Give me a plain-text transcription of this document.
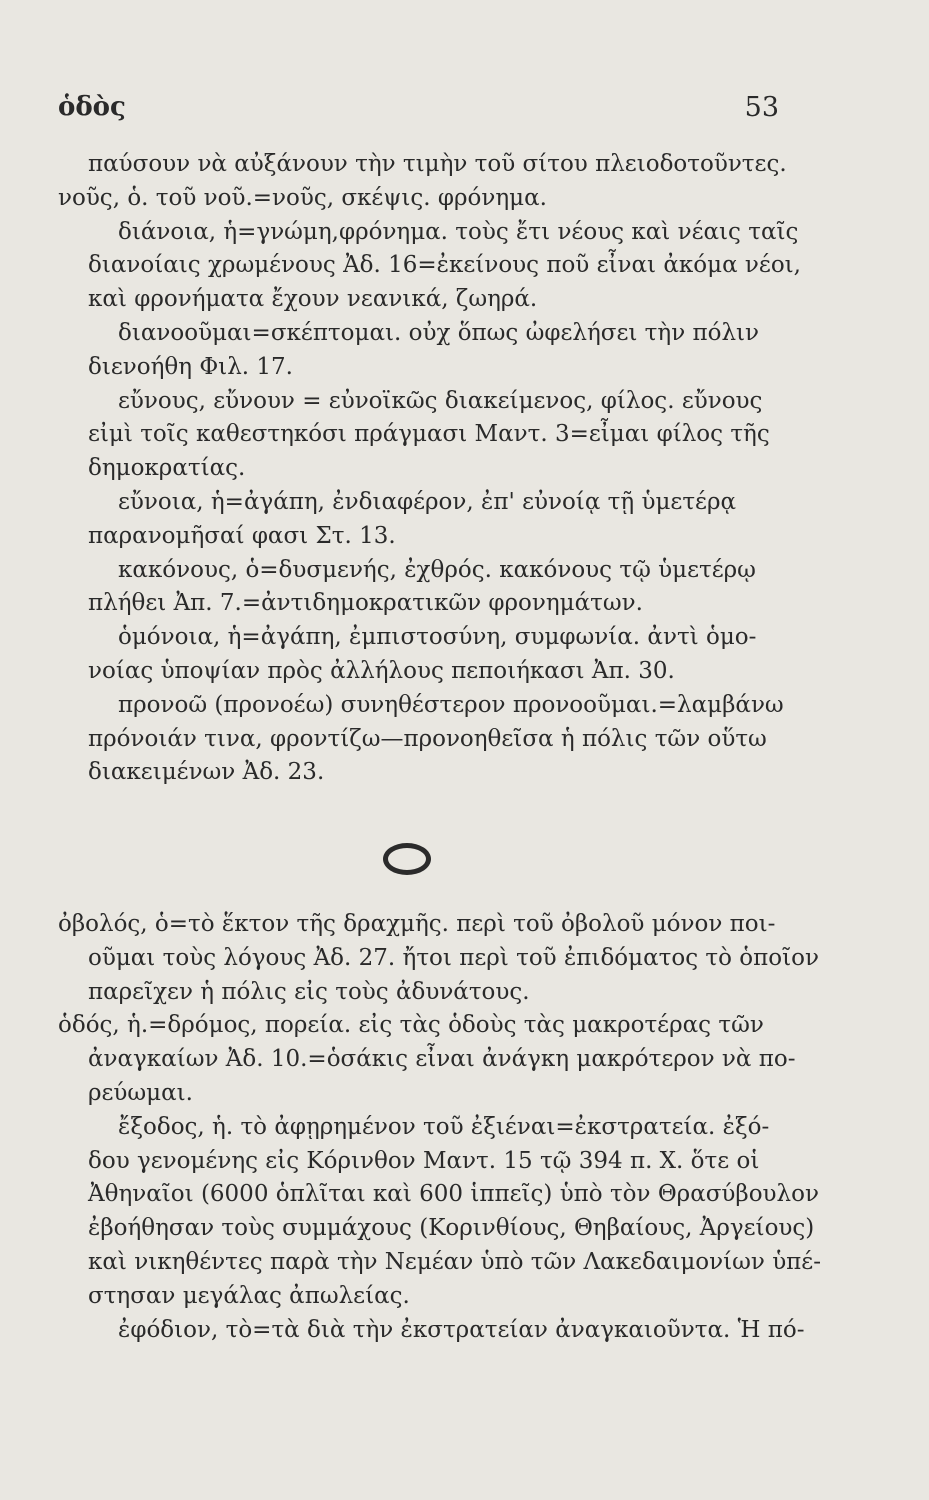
ὁδὸς	53
παύσουν νὰ αὐξάνουν τὴν τιμὴν τοῦ σίτου πλειοδοτοῦντες.
νοῦς, ὁ. τοῦ νοῦ.=νοῦς, σκέψις. φρόνημα.
διάνοια, ἡ=γνώμη,φρόνημα. τοὺς ἔτι νέους καὶ νέαις ταῖς
διανοίαις χρωμένους Ἀδ. 16=ἐκείνους ποῦ εἶναι ἀκόμα νέοι,
καὶ φρονήματα ἔχουν νεανικά, ζωηρά.
διανοοῦμαι=σκέπτομαι. οὐχ ὅπως ὠφελήσει τὴν πόλιν
διενοήθη Φιλ. 17.
εὔνους, εὔνουν = εὐνοϊκῶς διακείμενος, φίλος. εὔνους
εἰμὶ τοῖς καθεστηκόσι πράγμασι Μαντ. 3=εἶμαι φίλος τῆς
δημοκρατίας.
εὔνοια, ἡ=ἀγάπη, ἐνδιαφέρον, ἐπ' εὐνοίᾳ τῇ ὑμετέρᾳ
παρανομῆσαί φασι Στ. 13.
κακόνους, ὁ=δυσμενής, ἐχθρός. κακόνους τῷ ὑμετέρῳ
πλήθει Ἀπ. 7.=ἀντιδημοκρατικῶν φρονημάτων.
ὁμόνοια, ἡ=ἀγάπη, ἐμπιστοσύνη, συμφωνία. ἀντὶ ὁμο-
νοίας ὑποψίαν πρὸς ἀλλήλους πεποιήκασι Ἀπ. 30.
προνοῶ (προνοέω) συνηθέστερον προνοοῦμαι.=λαμβάνω
πρόνοιάν τινα, φροντίζω—προνοηθεῖσα ἡ πόλις τῶν οὕτω
διακειμένων Ἀδ. 23.
ὀβολός, ὁ=τὸ ἕκτον τῆς δραχμῆς. περὶ τοῦ ὀβολοῦ μόνον ποι-
οῦμαι τοὺς λόγους Ἀδ. 27. ἤτοι περὶ τοῦ ἐπιδόματος τὸ ὁποῖον
παρεῖχεν ἡ πόλις εἰς τοὺς ἀδυνάτους.
ὁδός, ἡ.=δρόμος, πορεία. εἰς τὰς ὁδοὺς τὰς μακροτέρας τῶν
ἀναγκαίων Ἀδ. 10.=ὁσάκις εἶναι ἀνάγκη μακρότερον νὰ πο-
ρεύωμαι.
ἔξοδος, ἡ. τὸ ἀφῃρημένον τοῦ ἐξιέναι=ἐκστρατεία. ἐξό-
δου γενομένης εἰς Κόρινθον Μαντ. 15 τῷ 394 π. Χ. ὅτε οἱ
Ἀθηναῖοι (6000 ὁπλῖται καὶ 600 ἱππεῖς) ὑπὸ τὸν Θρασύβουλον
ἐβοήθησαν τοὺς συμμάχους (Κορινθίους, Θηβαίους, Ἀργείους)
καὶ νικηθέντες παρὰ τὴν Νεμέαν ὑπὸ τῶν Λακεδαιμονίων ὑπέ-
στησαν μεγάλας ἀπωλείας.
ἐφόδιον, τὸ=τὰ διὰ τὴν ἐκστρατείαν ἀναγκαιοῦντα. Ἡ πό-
